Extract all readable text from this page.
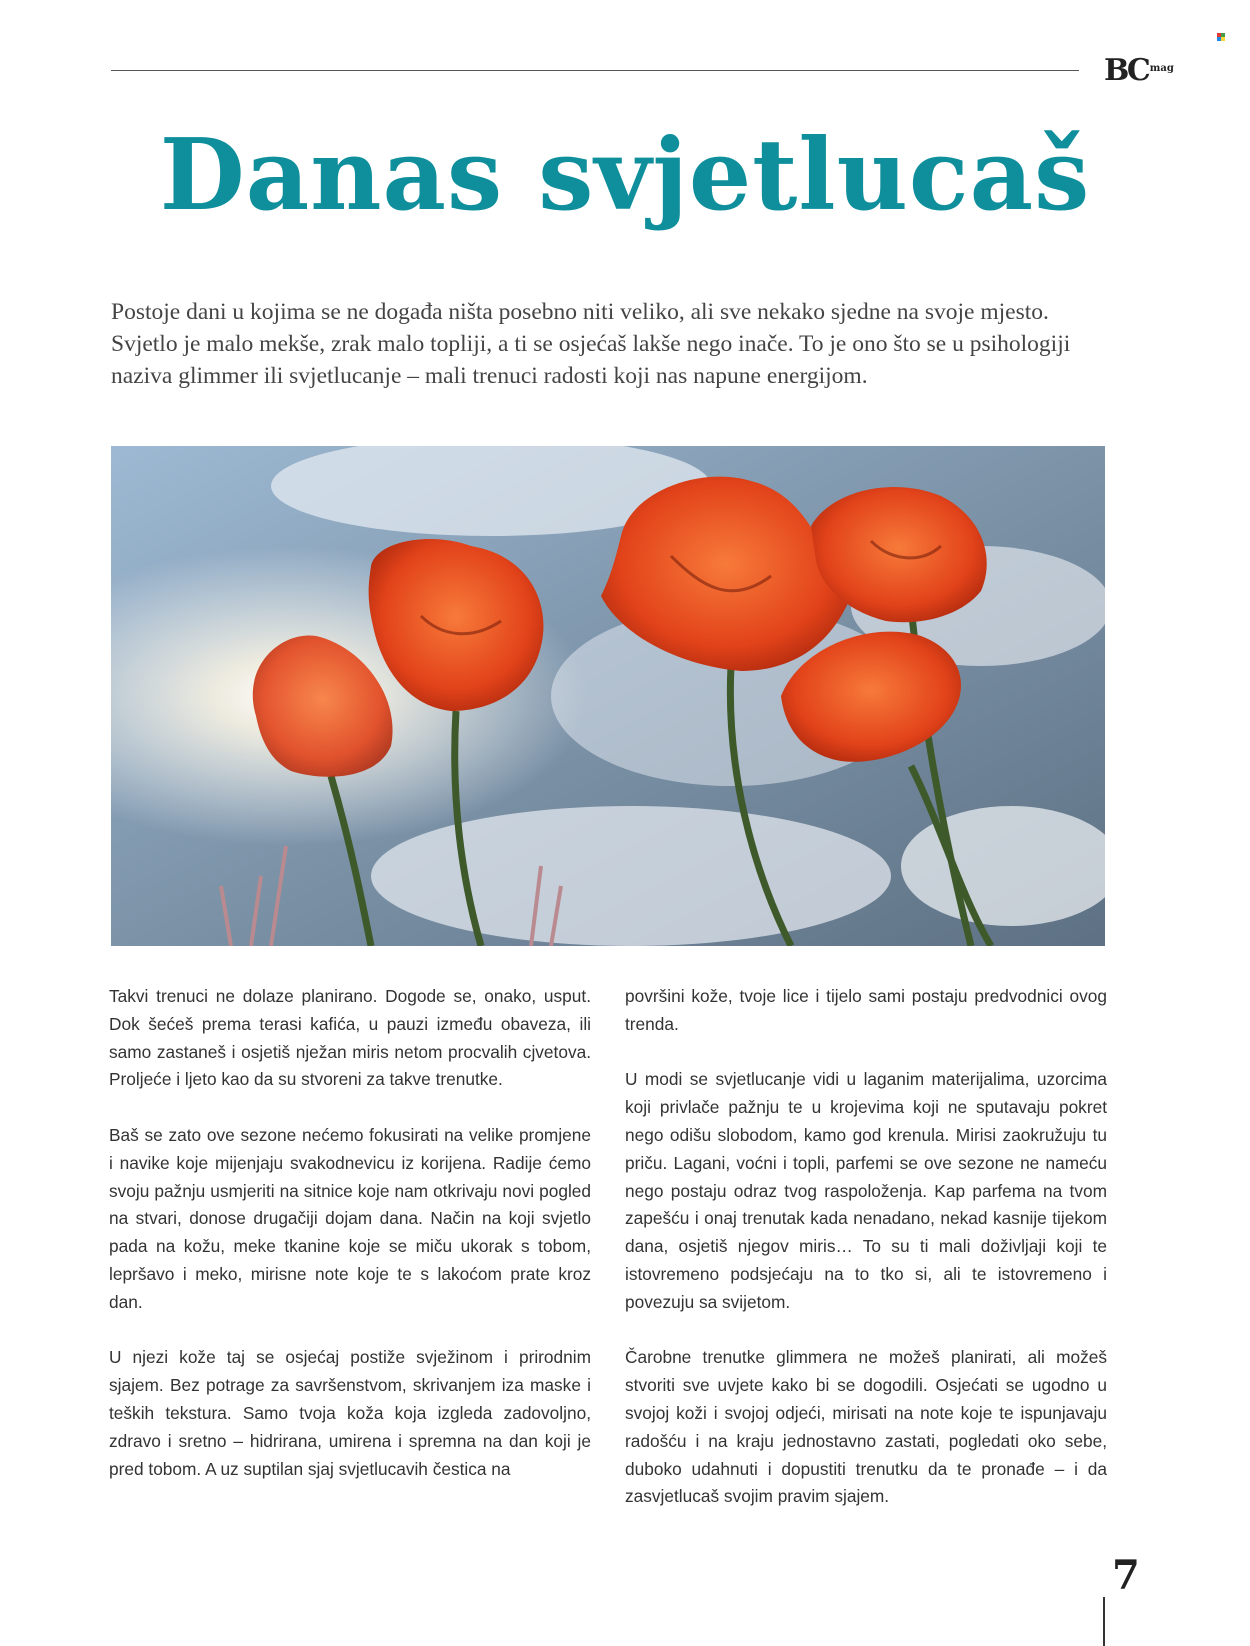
BC mag
Danas svjetlucaš

Postoje dani u kojima se ne događa ništa posebno niti veliko, ali sve nekako sjedne na svoje mjesto. Svjetlo je malo mekše, zrak malo topliji, a ti se osjećaš lakše nego inače. To je ono što se u psihologiji naziva glimmer ili svjetlucanje – mali trenuci radosti koji nas napune energijom.

Takvi trenuci ne dolaze planirano. Dogode se, onako, usput. Dok šećeš prema terasi kafića, u pauzi između obaveza, ili samo zastaneš i osjetiš nježan miris netom procvalih cjvetova. Proljeće i ljeto kao da su stvoreni za takve trenutke.

Baš se zato ove sezone nećemo fokusirati na velike promjene i navike koje mijenjaju svakodnevicu iz korijena. Radije ćemo svoju pažnju usmjeriti na sitnice koje nam otkrivaju novi pogled na stvari, donose drugačiji dojam dana. Način na koji svjetlo pada na kožu, meke tkanine koje se miču ukorak s tobom, lepršavo i meko, mirisne note koje te s lakoćom prate kroz dan.

U njezi kože taj se osjećaj postiže svježinom i prirodnim sjajem. Bez potrage za savršenstvom, skrivanjem iza maske i teških tekstura. Samo tvoja koža koja izgleda zadovoljno, zdravo i sretno – hidrirana, umirena i spremna na dan koji je pred tobom. A uz suptilan sjaj svjetlucavih čestica na

površini kože, tvoje lice i tijelo sami postaju predvodnici ovog trenda.

U modi se svjetlucanje vidi u laganim materijalima, uzorcima koji privlače pažnju te u krojevima koji ne sputavaju pokret nego odišu slobodom, kamo god krenula. Mirisi zaokružuju tu priču. Lagani, voćni i topli, parfemi se ove sezone ne nameću nego postaju odraz tvog raspoloženja. Kap parfema na tvom zapešću i onaj trenutak kada nenadano, nekad kasnije tijekom dana, osjetiš njegov miris… To su ti mali doživljaji koji te istovremeno podsjećaju na to tko si, ali te istovremeno i povezuju sa svijetom.

Čarobne trenutke glimmera ne možeš planirati, ali možeš stvoriti sve uvjete kako bi se dogodili. Osjećati se ugodno u svojoj koži i svojoj odjeći, mirisati na note koje te ispunjavaju radošću i na kraju jednostavno zastati, pogledati oko sebe, duboko udahnuti i dopustiti trenutku da te pronađe – i da zasvjetlucaš svojim pravim sjajem.

7
